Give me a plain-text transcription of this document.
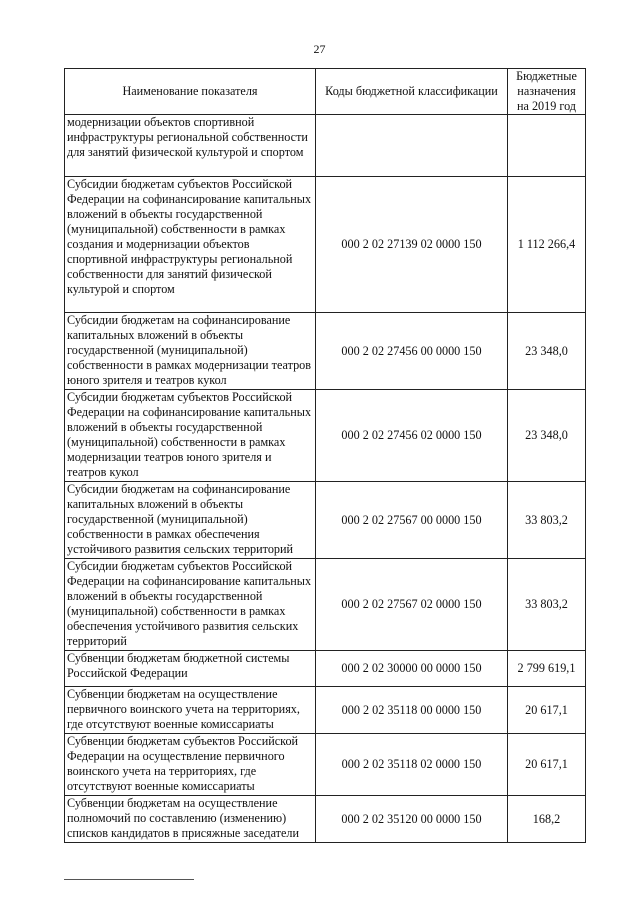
27
Наименование показателя	Коды бюджетной классификации	Бюджетные назначения на 2019 год
модернизации объектов спортивной инфраструктуры региональной собственности для занятий физической культурой и спортом		
Субсидии бюджетам субъектов Российской Федерации на софинансирование капитальных вложений в объекты государственной (муниципальной) собственности в рамках создания и модернизации объектов спортивной инфраструктуры региональной собственности для занятий физической культурой и спортом	000 2 02 27139 02 0000 150	1 112 266,4
Субсидии бюджетам на софинансирование капитальных вложений в объекты государственной (муниципальной) собственности в рамках модернизации театров юного зрителя и театров кукол	000 2 02 27456 00 0000 150	23 348,0
Субсидии бюджетам субъектов Российской Федерации на софинансирование капитальных вложений в объекты государственной (муниципальной) собственности в рамках модернизации театров юного зрителя и театров кукол	000 2 02 27456 02 0000 150	23 348,0
Субсидии бюджетам на софинансирование капитальных вложений в объекты государственной (муниципальной) собственности в рамках обеспечения устойчивого развития сельских территорий	000 2 02 27567 00 0000 150	33 803,2
Субсидии бюджетам субъектов Российской Федерации на софинансирование капитальных вложений в объекты государственной (муниципальной) собственности в рамках обеспечения устойчивого развития сельских территорий	000 2 02 27567 02 0000 150	33 803,2
Субвенции бюджетам бюджетной системы Российской Федерации	000 2 02 30000 00 0000 150	2 799 619,1
Субвенции бюджетам на осуществление первичного воинского учета на территориях, где отсутствуют военные комиссариаты	000 2 02 35118 00 0000 150	20 617,1
Субвенции бюджетам субъектов Российской Федерации на осуществление первичного воинского учета на территориях, где отсутствуют военные комиссариаты	000 2 02 35118 02 0000 150	20 617,1
Субвенции бюджетам на осуществление полномочий по составлению (изменению) списков кандидатов в присяжные заседатели	000 2 02 35120 00 0000 150	168,2
